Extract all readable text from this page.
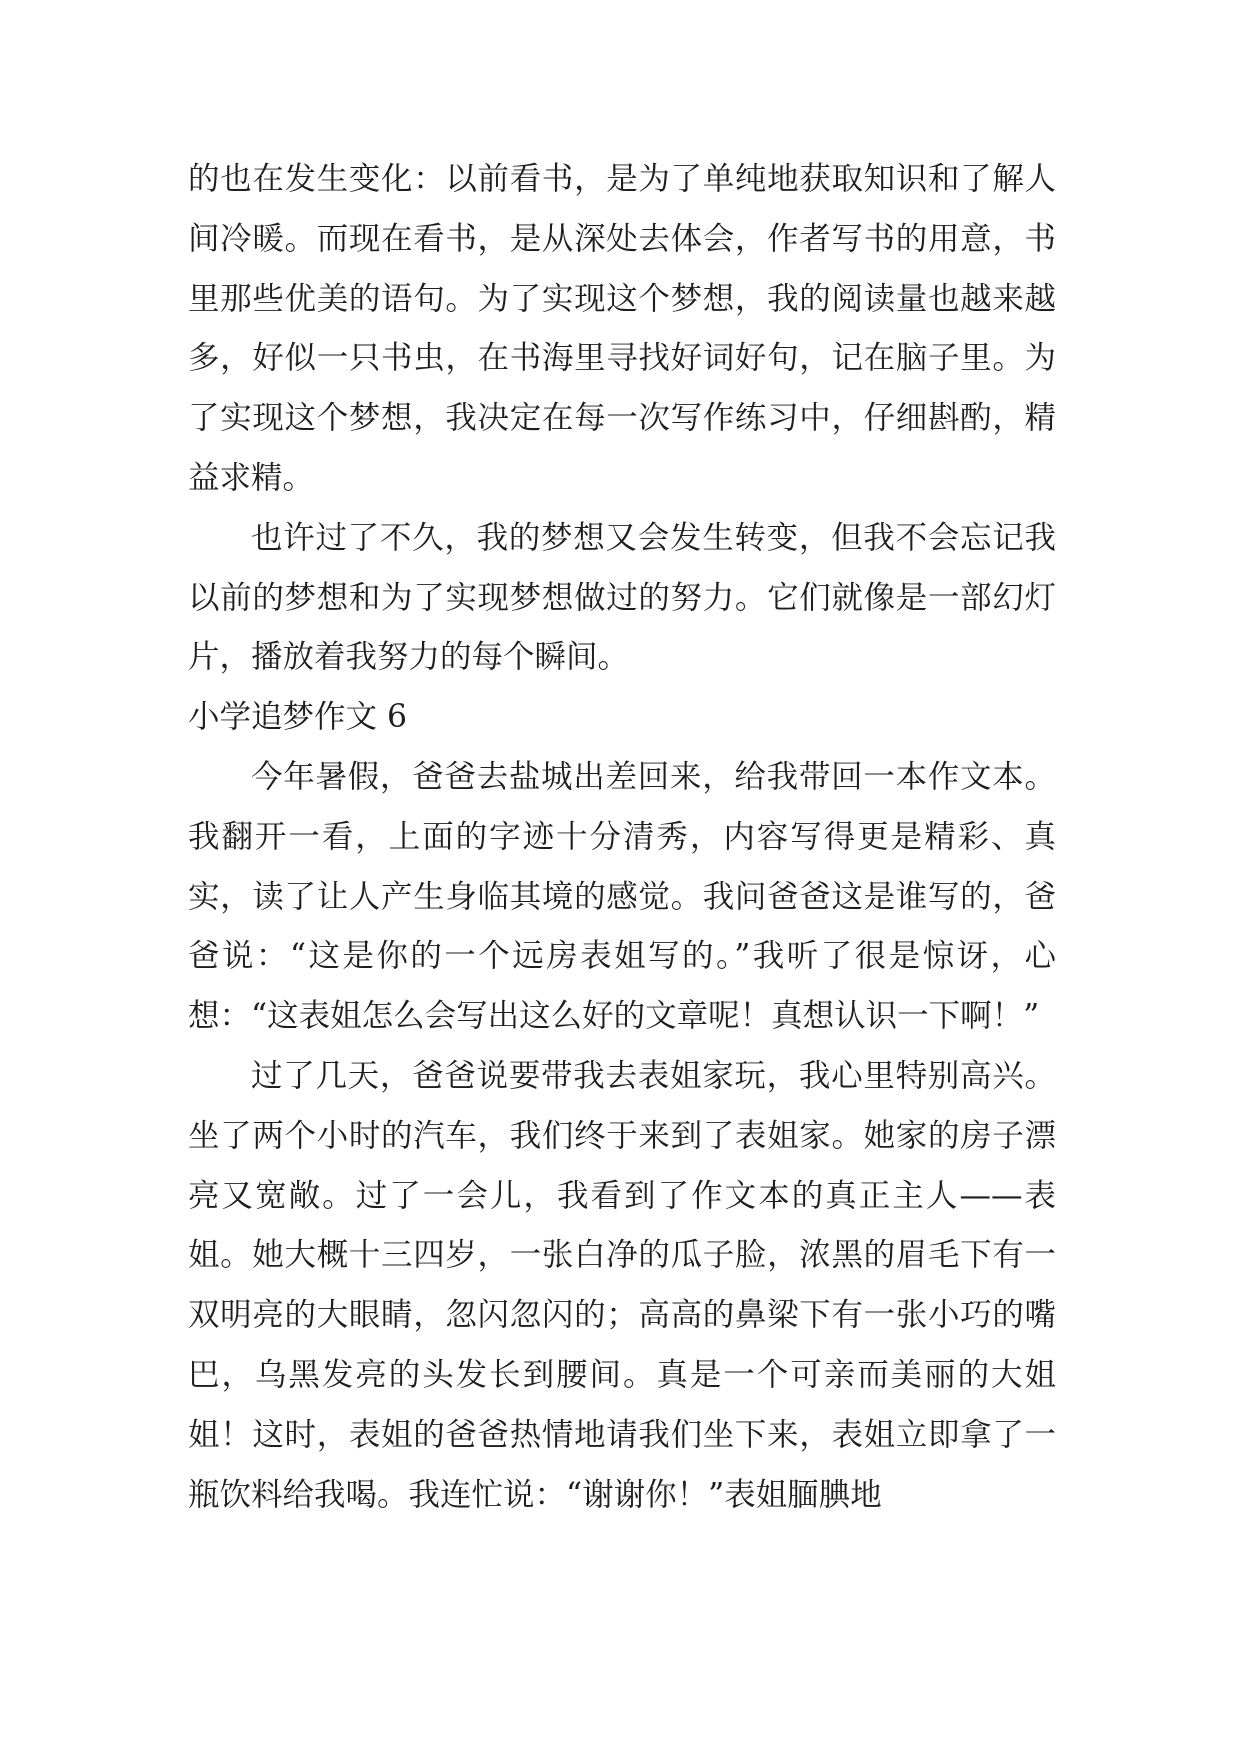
的也在发生变化：以前看书，是为了单纯地获取知识和了解人间冷暖。而现在看书，是从深处去体会，作者写书的用意，书里那些优美的语句。为了实现这个梦想，我的阅读量也越来越多，好似一只书虫，在书海里寻找好词好句，记在脑子里。为了实现这个梦想，我决定在每一次写作练习中，仔细斟酌，精益求精。

也许过了不久，我的梦想又会发生转变，但我不会忘记我以前的梦想和为了实现梦想做过的努力。它们就像是一部幻灯片，播放着我努力的每个瞬间。

小学追梦作文 6

今年暑假，爸爸去盐城出差回来，给我带回一本作文本。我翻开一看，上面的字迹十分清秀，内容写得更是精彩、真实，读了让人产生身临其境的感觉。我问爸爸这是谁写的，爸爸说：“这是你的一个远房表姐写的。”我听了很是惊讶，心想：“这表姐怎么会写出这么好的文章呢！真想认识一下啊！”

过了几天，爸爸说要带我去表姐家玩，我心里特别高兴。坐了两个小时的汽车，我们终于来到了表姐家。她家的房子漂亮又宽敞。过了一会儿，我看到了作文本的真正主人——表姐。她大概十三四岁，一张白净的瓜子脸，浓黑的眉毛下有一双明亮的大眼睛，忽闪忽闪的；高高的鼻梁下有一张小巧的嘴巴，乌黑发亮的头发长到腰间。真是一个可亲而美丽的大姐姐！这时，表姐的爸爸热情地请我们坐下来，表姐立即拿了一瓶饮料给我喝。我连忙说：“谢谢你！”表姐腼腆地
